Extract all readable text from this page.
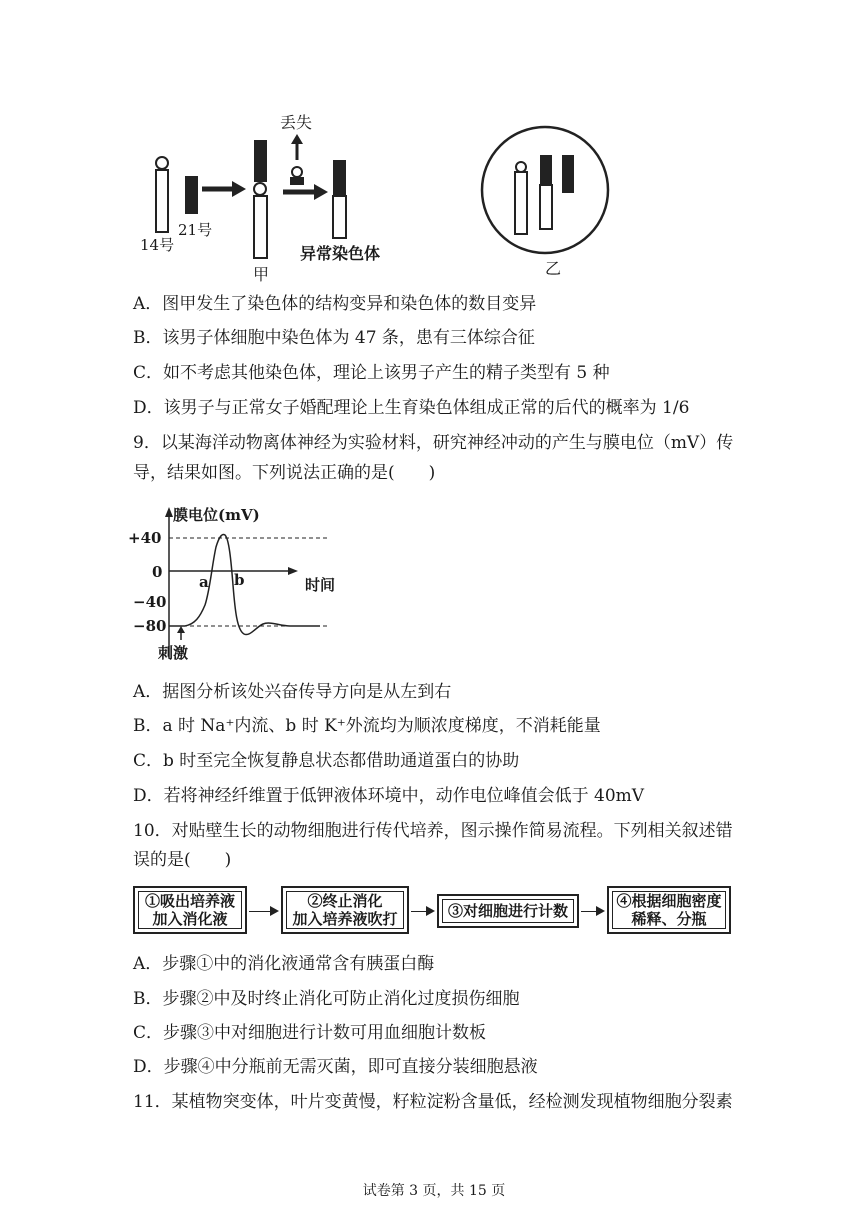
14号
21号
甲
丢失
异常染色体
乙
A．图甲发生了染色体的结构变异和染色体的数目变异
B．该男子体细胞中染色体为 47 条，患有三体综合征
C．如不考虑其他染色体，理论上该男子产生的精子类型有 5 种
D．该男子与正常女子婚配理论上生育染色体组成正常的后代的概率为 1/6
9．以某海洋动物离体神经为实验材料，研究神经冲动的产生与膜电位（mV）传
导，结果如图。下列说法正确的是(　　)
膜电位(mV)
时间
+40
0
−40
−80
a b
刺激
A．据图分析该处兴奋传导方向是从左到右
B．a 时 Na⁺内流、b 时 K⁺外流均为顺浓度梯度，不消耗能量
C．b 时至完全恢复静息状态都借助通道蛋白的协助
D．若将神经纤维置于低钾液体环境中，动作电位峰值会低于 40mV
10．对贴壁生长的动物细胞进行传代培养，图示操作简易流程。下列相关叙述错
误的是(　　)
①吸出培养液
加入消化液
②终止消化
加入培养液吹打	③对细胞进行计数
④根据细胞密度
稀释、分瓶
A．步骤①中的消化液通常含有胰蛋白酶
B．步骤②中及时终止消化可防止消化过度损伤细胞
C．步骤③中对细胞进行计数可用血细胞计数板
D．步骤④中分瓶前无需灭菌，即可直接分装细胞悬液
11．某植物突变体，叶片变黄慢，籽粒淀粉含量低，经检测发现植物细胞分裂素
试卷第 3 页，共 15 页
